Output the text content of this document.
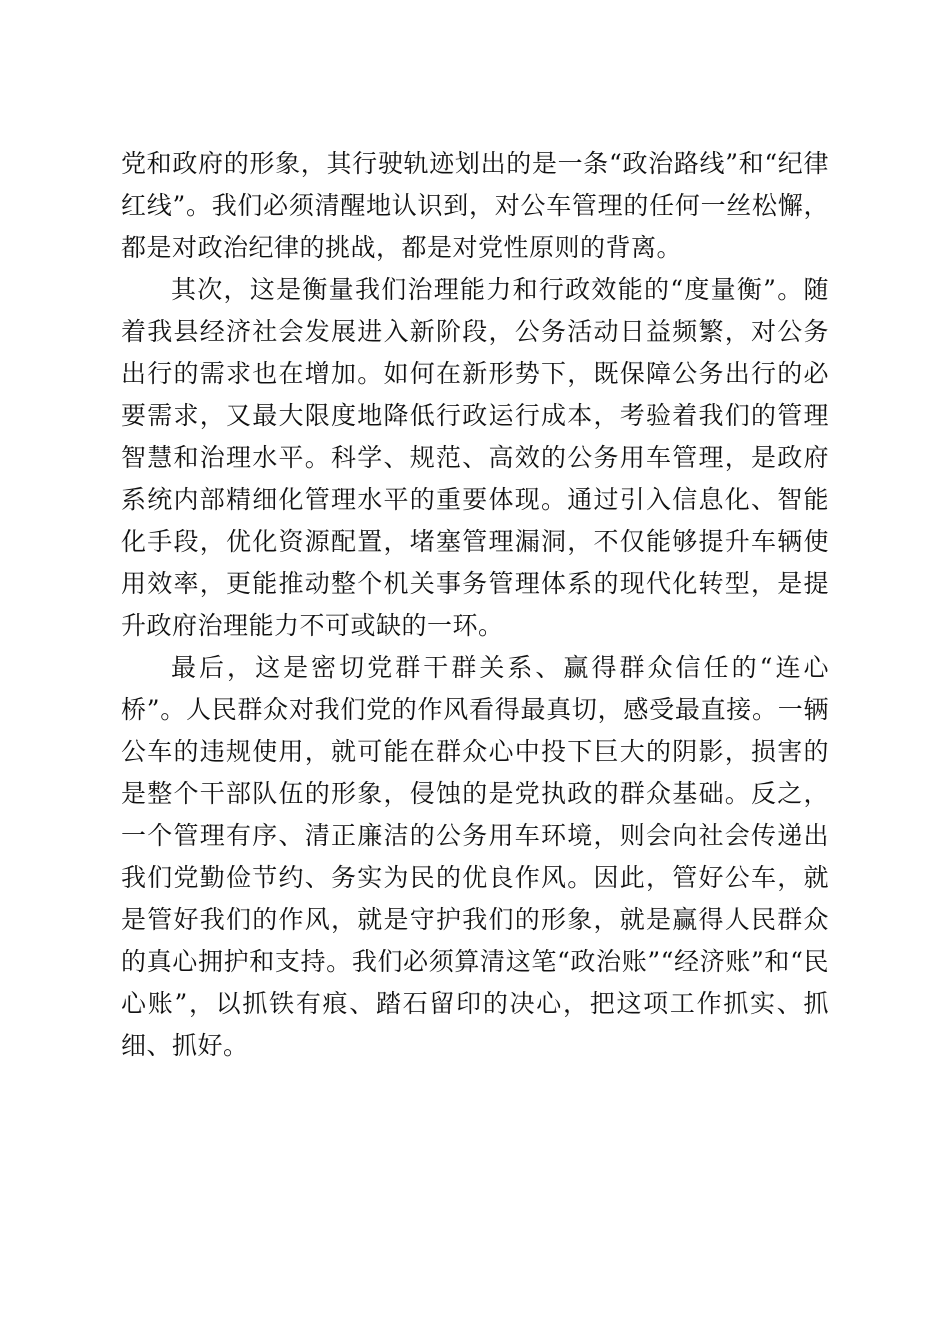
党和政府的形象，其行驶轨迹划出的是一条“政治路线”和“纪律红线”。我们必须清醒地认识到，对公车管理的任何一丝松懈，都是对政治纪律的挑战，都是对党性原则的背离。

其次，这是衡量我们治理能力和行政效能的“度量衡”。随着我县经济社会发展进入新阶段，公务活动日益频繁，对公务出行的需求也在增加。如何在新形势下，既保障公务出行的必要需求，又最大限度地降低行政运行成本，考验着我们的管理智慧和治理水平。科学、规范、高效的公务用车管理，是政府系统内部精细化管理水平的重要体现。通过引入信息化、智能化手段，优化资源配置，堵塞管理漏洞，不仅能够提升车辆使用效率，更能推动整个机关事务管理体系的现代化转型，是提升政府治理能力不可或缺的一环。

最后，这是密切党群干群关系、赢得群众信任的“连心桥”。人民群众对我们党的作风看得最真切，感受最直接。一辆公车的违规使用，就可能在群众心中投下巨大的阴影，损害的是整个干部队伍的形象，侵蚀的是党执政的群众基础。反之，一个管理有序、清正廉洁的公务用车环境，则会向社会传递出我们党勤俭节约、务实为民的优良作风。因此，管好公车，就是管好我们的作风，就是守护我们的形象，就是赢得人民群众的真心拥护和支持。我们必须算清这笔“政治账”“经济账”和“民心账”，以抓铁有痕、踏石留印的决心，把这项工作抓实、抓细、抓好。
